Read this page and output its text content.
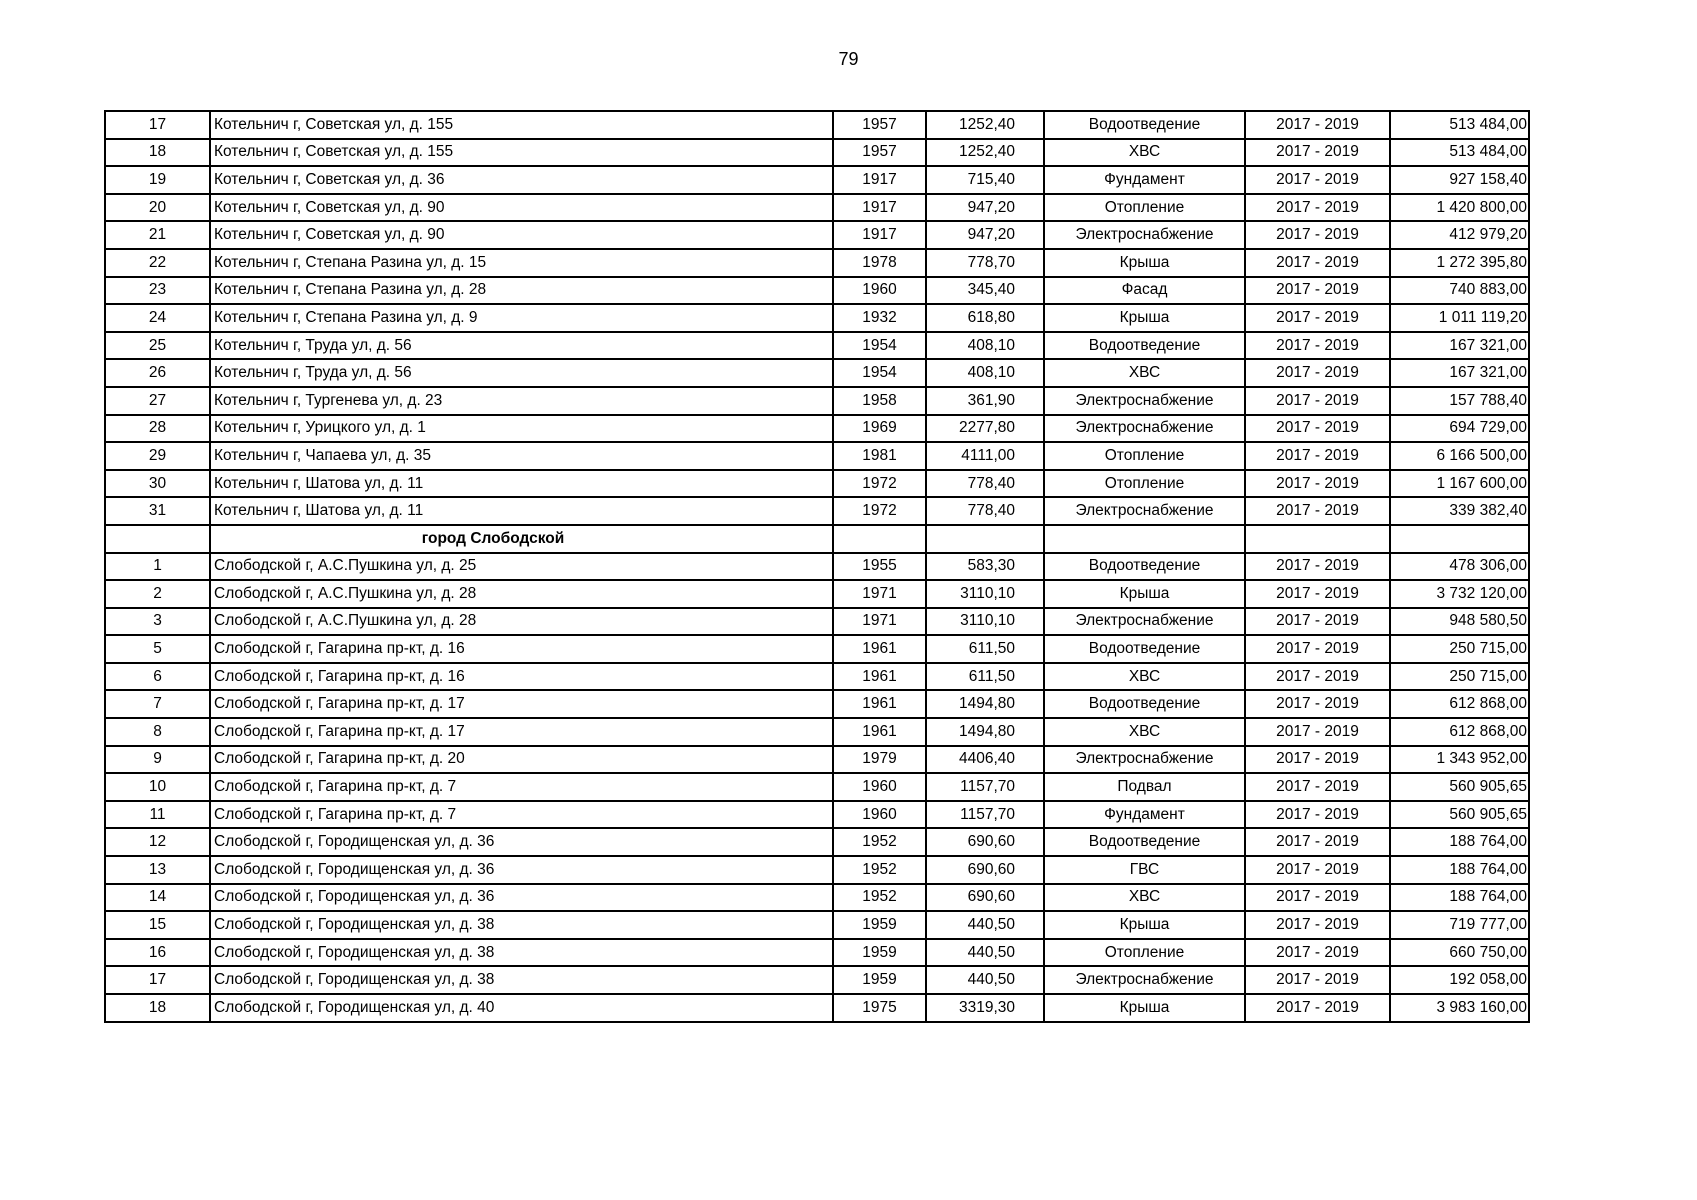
79
17	Котельнич г, Советская ул, д. 155	1957	1252,40	Водоотведение	2017 - 2019	513 484,00
18	Котельнич г, Советская ул, д. 155	1957	1252,40	ХВС	2017 - 2019	513 484,00
19	Котельнич г, Советская ул, д. 36	1917	715,40	Фундамент	2017 - 2019	927 158,40
20	Котельнич г, Советская ул, д. 90	1917	947,20	Отопление	2017 - 2019	1 420 800,00
21	Котельнич г, Советская ул, д. 90	1917	947,20	Электроснабжение	2017 - 2019	412 979,20
22	Котельнич г, Степана Разина ул, д. 15	1978	778,70	Крыша	2017 - 2019	1 272 395,80
23	Котельнич г, Степана Разина ул, д. 28	1960	345,40	Фасад	2017 - 2019	740 883,00
24	Котельнич г, Степана Разина ул, д. 9	1932	618,80	Крыша	2017 - 2019	1 011 119,20
25	Котельнич г, Труда ул, д. 56	1954	408,10	Водоотведение	2017 - 2019	167 321,00
26	Котельнич г, Труда ул, д. 56	1954	408,10	ХВС	2017 - 2019	167 321,00
27	Котельнич г, Тургенева ул, д. 23	1958	361,90	Электроснабжение	2017 - 2019	157 788,40
28	Котельнич г, Урицкого ул, д. 1	1969	2277,80	Электроснабжение	2017 - 2019	694 729,00
29	Котельнич г, Чапаева ул, д. 35	1981	4111,00	Отопление	2017 - 2019	6 166 500,00
30	Котельнич г, Шатова ул, д. 11	1972	778,40	Отопление	2017 - 2019	1 167 600,00
31	Котельнич г, Шатова ул, д. 11	1972	778,40	Электроснабжение	2017 - 2019	339 382,40
	город Слободской					
1	Слободской г, А.С.Пушкина ул, д. 25	1955	583,30	Водоотведение	2017 - 2019	478 306,00
2	Слободской г, А.С.Пушкина ул, д. 28	1971	3110,10	Крыша	2017 - 2019	3 732 120,00
3	Слободской г, А.С.Пушкина ул, д. 28	1971	3110,10	Электроснабжение	2017 - 2019	948 580,50
5	Слободской г, Гагарина пр-кт, д. 16	1961	611,50	Водоотведение	2017 - 2019	250 715,00
6	Слободской г, Гагарина пр-кт, д. 16	1961	611,50	ХВС	2017 - 2019	250 715,00
7	Слободской г, Гагарина пр-кт, д. 17	1961	1494,80	Водоотведение	2017 - 2019	612 868,00
8	Слободской г, Гагарина пр-кт, д. 17	1961	1494,80	ХВС	2017 - 2019	612 868,00
9	Слободской г, Гагарина пр-кт, д. 20	1979	4406,40	Электроснабжение	2017 - 2019	1 343 952,00
10	Слободской г, Гагарина пр-кт, д. 7	1960	1157,70	Подвал	2017 - 2019	560 905,65
11	Слободской г, Гагарина пр-кт, д. 7	1960	1157,70	Фундамент	2017 - 2019	560 905,65
12	Слободской г, Городищенская ул, д. 36	1952	690,60	Водоотведение	2017 - 2019	188 764,00
13	Слободской г, Городищенская ул, д. 36	1952	690,60	ГВС	2017 - 2019	188 764,00
14	Слободской г, Городищенская ул, д. 36	1952	690,60	ХВС	2017 - 2019	188 764,00
15	Слободской г, Городищенская ул, д. 38	1959	440,50	Крыша	2017 - 2019	719 777,00
16	Слободской г, Городищенская ул, д. 38	1959	440,50	Отопление	2017 - 2019	660 750,00
17	Слободской г, Городищенская ул, д. 38	1959	440,50	Электроснабжение	2017 - 2019	192 058,00
18	Слободской г, Городищенская ул, д. 40	1975	3319,30	Крыша	2017 - 2019	3 983 160,00
